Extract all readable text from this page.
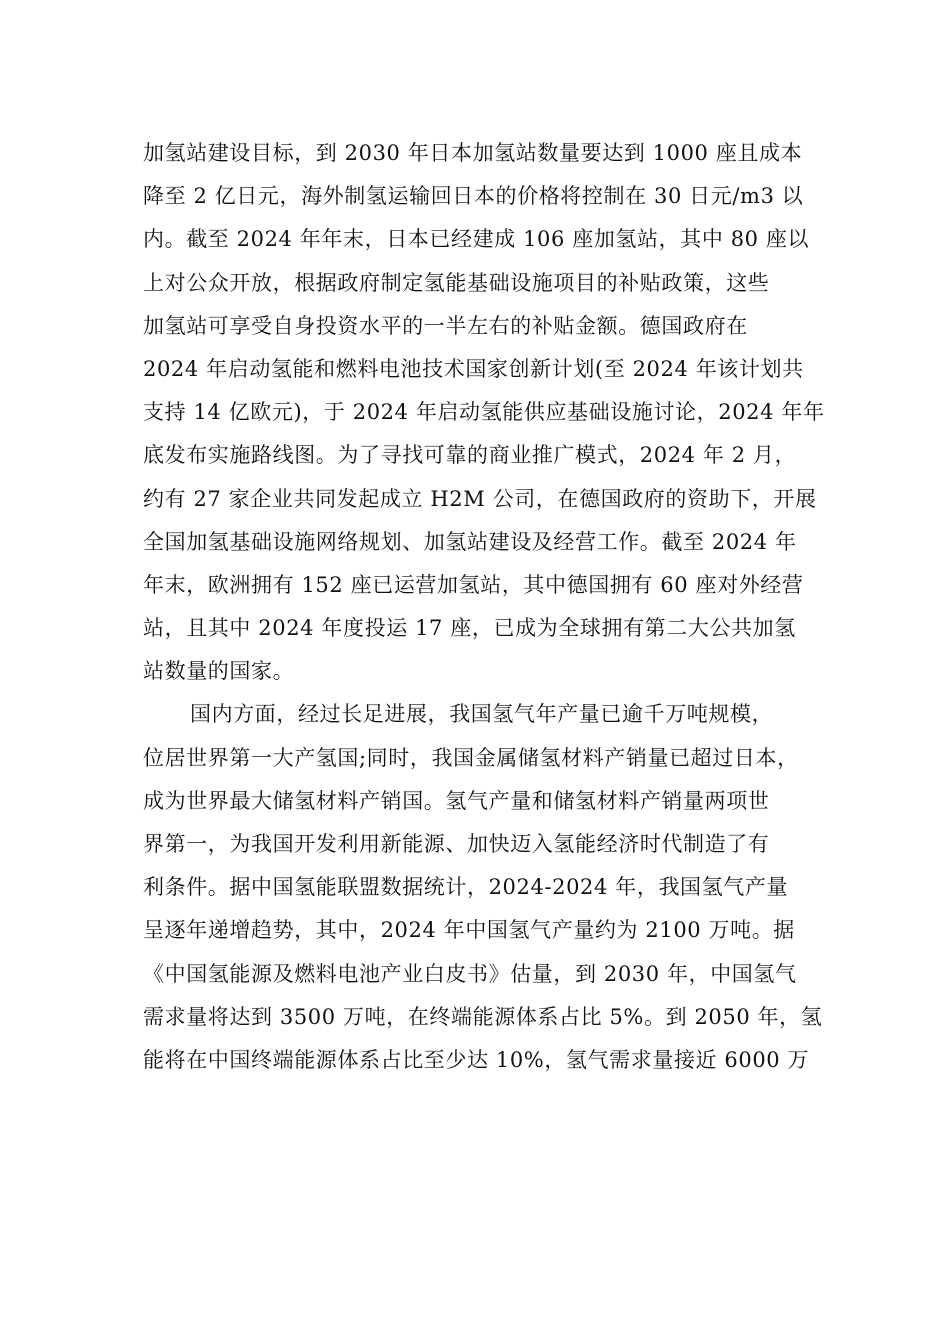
加氢站建设目标，到 2030 年日本加氢站数量要达到 1000 座且成本
降至 2 亿日元，海外制氢运输回日本的价格将控制在 30 日元/m3 以
内。截至 2024 年年末，日本已经建成 106 座加氢站，其中 80 座以
上对公众开放，根据政府制定氢能基础设施项目的补贴政策，这些
加氢站可享受自身投资水平的一半左右的补贴金额。德国政府在
2024 年启动氢能和燃料电池技术国家创新计划(至 2024 年该计划共
支持 14 亿欧元)，于 2024 年启动氢能供应基础设施讨论，2024 年年
底发布实施路线图。为了寻找可靠的商业推广模式，2024 年 2 月，
约有 27 家企业共同发起成立 H2M 公司，在德国政府的资助下，开展
全国加氢基础设施网络规划、加氢站建设及经营工作。截至 2024 年
年末，欧洲拥有 152 座已运营加氢站，其中德国拥有 60 座对外经营
站，且其中 2024 年度投运 17 座，已成为全球拥有第二大公共加氢
站数量的国家。
国内方面，经过长足进展，我国氢气年产量已逾千万吨规模，
位居世界第一大产氢国;同时，我国金属储氢材料产销量已超过日本，
成为世界最大储氢材料产销国。氢气产量和储氢材料产销量两项世
界第一，为我国开发利用新能源、加快迈入氢能经济时代制造了有
利条件。据中国氢能联盟数据统计，2024-2024 年，我国氢气产量
呈逐年递增趋势，其中，2024 年中国氢气产量约为 2100 万吨。据
《中国氢能源及燃料电池产业白皮书》估量，到 2030 年，中国氢气
需求量将达到 3500 万吨，在终端能源体系占比 5%。到 2050 年，氢
能将在中国终端能源体系占比至少达 10%，氢气需求量接近 6000 万
